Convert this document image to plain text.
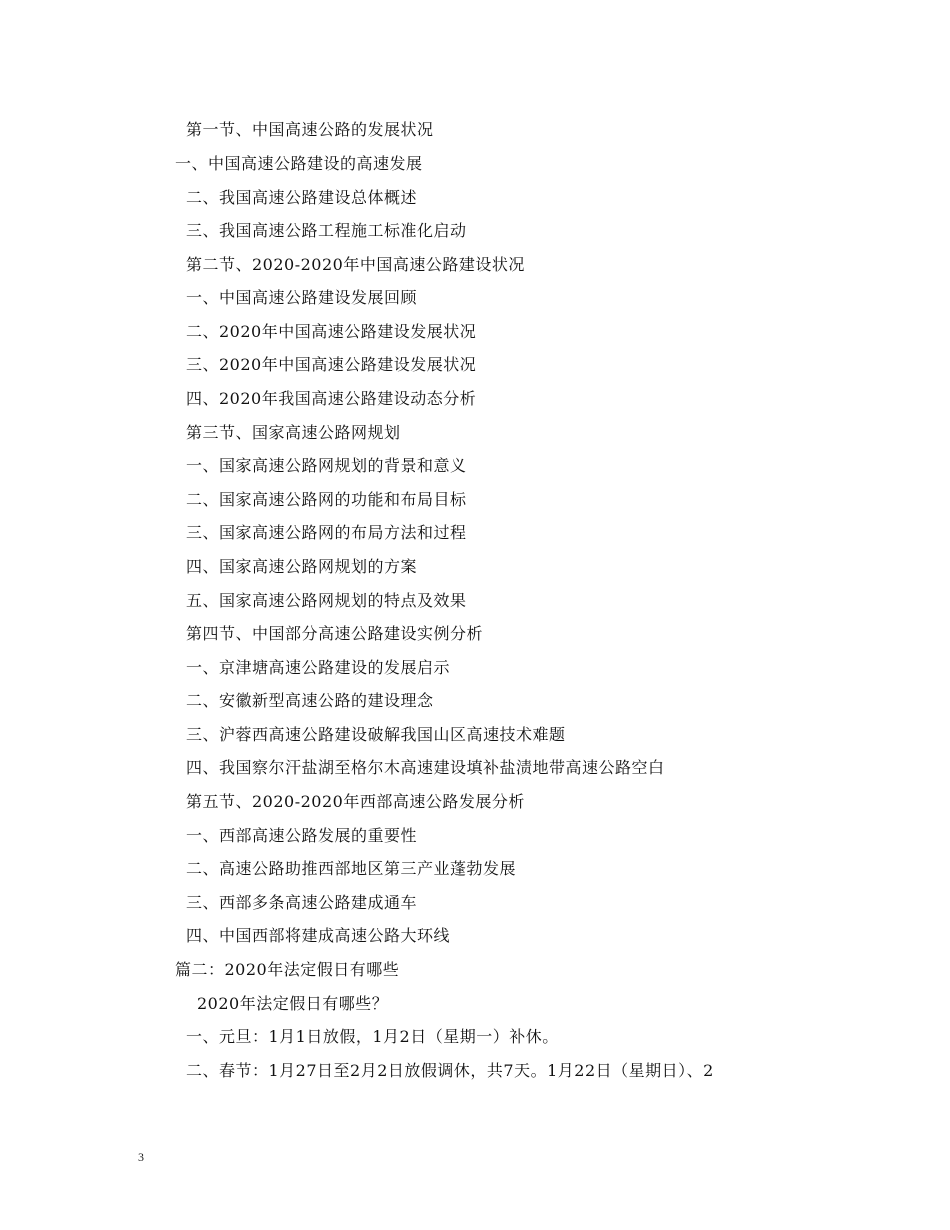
第一节、中国高速公路的发展状况
一、中国高速公路建设的高速发展
二、我国高速公路建设总体概述
三、我国高速公路工程施工标准化启动
第二节、2020-2020年中国高速公路建设状况
一、中国高速公路建设发展回顾
二、2020年中国高速公路建设发展状况
三、2020年中国高速公路建设发展状况
四、2020年我国高速公路建设动态分析
第三节、国家高速公路网规划
一、国家高速公路网规划的背景和意义
二、国家高速公路网的功能和布局目标
三、国家高速公路网的布局方法和过程
四、国家高速公路网规划的方案
五、国家高速公路网规划的特点及效果
第四节、中国部分高速公路建设实例分析
一、京津塘高速公路建设的发展启示
二、安徽新型高速公路的建设理念
三、沪蓉西高速公路建设破解我国山区高速技术难题
四、我国察尔汗盐湖至格尔木高速建设填补盐渍地带高速公路空白
第五节、2020-2020年西部高速公路发展分析
一、西部高速公路发展的重要性
二、高速公路助推西部地区第三产业蓬勃发展
三、西部多条高速公路建成通车
四、中国西部将建成高速公路大环线
篇二：2020年法定假日有哪些
2020年法定假日有哪些？
一、元旦：1月1日放假，1月2日（星期一）补休。
二、春节：1月27日至2月2日放假调休，共7天。1月22日（星期日）、2
3
